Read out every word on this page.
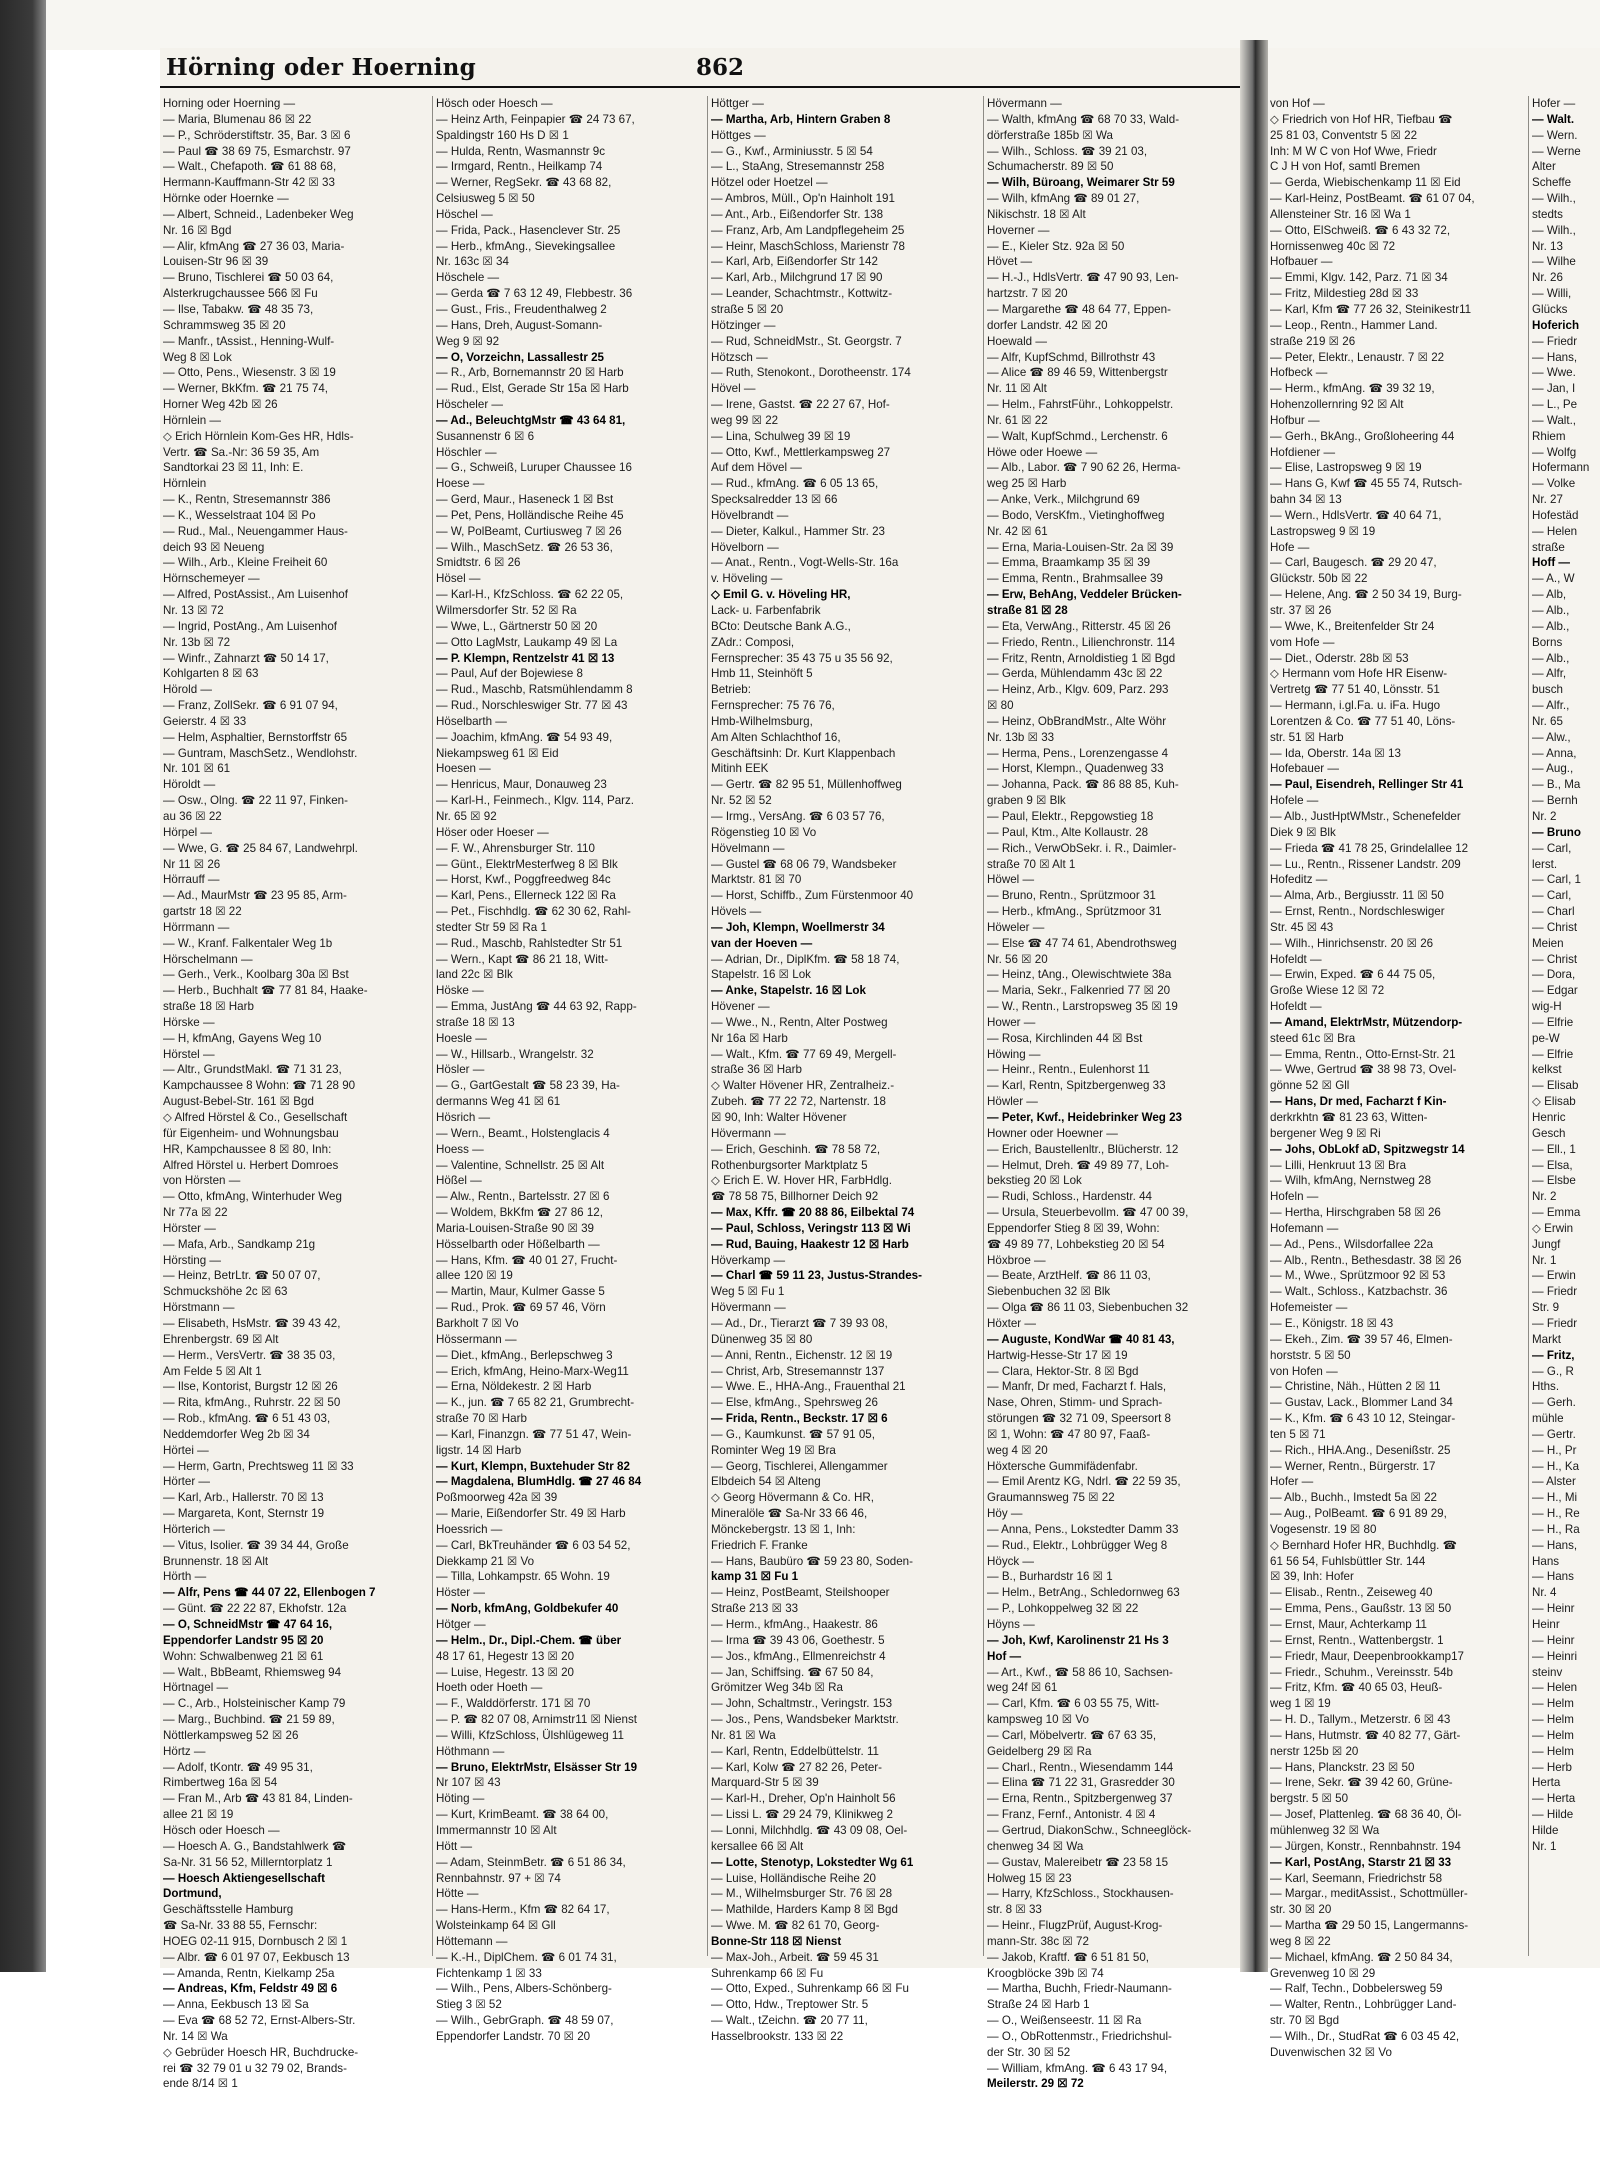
Hörning oder Hoerning	862
Horning oder Hoerning —
— Maria, Blumenau 86 ☒ 22
— P., Schröderstiftstr. 35, Bar. 3 ☒ 6
— Paul ☎ 38 69 75, Esmarchstr. 97
— Walt., Chefapoth. ☎ 61 88 68,
Hermann-Kauffmann-Str 42 ☒ 33
Hörnke oder Hoernke —
— Albert, Schneid., Ladenbeker Weg
Nr. 16 ☒ Bgd
— Alir, kfmAng ☎ 27 36 03, Maria-
Louisen-Str 96 ☒ 39
— Bruno, Tischlerei ☎ 50 03 64,
Alsterkrugchaussee 566 ☒ Fu
— Ilse, Tabakw. ☎ 48 35 73,
Schrammsweg 35 ☒ 20
— Manfr., tAssist., Henning-Wulf-
Weg 8 ☒ Lok
— Otto, Pens., Wiesenstr. 3 ☒ 19
— Werner, BkKfm. ☎ 21 75 74,
Horner Weg 42b ☒ 26
Hörnlein —
◇ Erich Hörnlein Kom-Ges HR, Hdls-
Vertr. ☎ Sa.-Nr: 36 59 35, Am
Sandtorkai 23 ☒ 11, Inh: E.
Hörnlein
— K., Rentn, Stresemannstr 386
— K., Wesselstraat 104 ☒ Po
— Rud., Mal., Neuengammer Haus-
deich 93 ☒ Neueng
— Wilh., Arb., Kleine Freiheit 60
Hörnschemeyer —
— Alfred, PostAssist., Am Luisenhof
Nr. 13 ☒ 72
— Ingrid, PostAng., Am Luisenhof
Nr. 13b ☒ 72
— Winfr., Zahnarzt ☎ 50 14 17,
Kohlgarten 8 ☒ 63
Hörold —
— Franz, ZollSekr. ☎ 6 91 07 94,
Geierstr. 4 ☒ 33
— Helm, Asphaltier, Bernstorffstr 65
— Guntram, MaschSetz., Wendlohstr.
Nr. 101 ☒ 61
Höroldt —
— Osw., Olng. ☎ 22 11 97, Finken-
au 36 ☒ 22
Hörpel —
— Wwe, G. ☎ 25 84 67, Landwehrpl.
Nr 11 ☒ 26
Hörrauff —
— Ad., MaurMstr ☎ 23 95 85, Arm-
gartstr 18 ☒ 22
Hörrmann —
— W., Kranf. Falkentaler Weg 1b
Hörschelmann —
— Gerh., Verk., Koolbarg 30a ☒ Bst
— Herb., Buchhalt ☎ 77 81 84, Haake-
straße 18 ☒ Harb
Hörske —
— H, kfmAng, Gayens Weg 10
Hörstel —
— Altr., GrundstMakl. ☎ 71 31 23,
Kampchaussee 8 Wohn: ☎ 71 28 90
August-Bebel-Str. 161 ☒ Bgd
◇ Alfred Hörstel & Co., Gesellschaft
für Eigenheim- und Wohnungsbau
HR, Kampchaussee 8 ☒ 80, Inh:
Alfred Hörstel u. Herbert Domroes
von Hörsten —
— Otto, kfmAng, Winterhuder Weg
Nr 77a ☒ 22
Hörster —
— Mafa, Arb., Sandkamp 21g
Hörsting —
— Heinz, BetrLtr. ☎ 50 07 07,
Schmuckshöhe 2c ☒ 63
Hörstmann —
— Elisabeth, HsMstr. ☎ 39 43 42,
Ehrenbergstr. 69 ☒ Alt
— Herm., VersVertr. ☎ 38 35 03,
Am Felde 5 ☒ Alt 1
— Ilse, Kontorist, Burgstr 12 ☒ 26
— Rita, kfmAng., Ruhrstr. 22 ☒ 50
— Rob., kfmAng. ☎ 6 51 43 03,
Neddemdorfer Weg 2b ☒ 34
Hörtei —
— Herm, Gartn, Prechtsweg 11 ☒ 33
Hörter —
— Karl, Arb., Hallerstr. 70 ☒ 13
— Margareta, Kont, Sternstr 19
Hörterich —
— Vitus, Isolier. ☎ 39 34 44, Große
Brunnenstr. 18 ☒ Alt
Hörth —
— Alfr, Pens ☎ 44 07 22, Ellenbogen 7
— Günt. ☎ 22 22 87, Ekhofstr. 12a
— O, SchneidMstr ☎ 47 64 16,
Eppendorfer Landstr 95 ☒ 20
Wohn: Schwalbenweg 21 ☒ 61
— Walt., BbBeamt, Rhiemsweg 94
Hörtnagel —
— C., Arb., Holsteinischer Kamp 79
— Marg., Buchbind. ☎ 21 59 89,
Nöttlerkampsweg 52 ☒ 26
Hörtz —
— Adolf, tKontr. ☎ 49 95 31,
Rimbertweg 16a ☒ 54
— Fran M., Arb ☎ 43 81 84, Linden-
allee 21 ☒ 19
Hösch oder Hoesch —
— Hoesch A. G., Bandstahlwerk ☎
Sa-Nr. 31 56 52, Millerntorplatz 1
— Hoesch Aktiengesellschaft
Dortmund,
Geschäftsstelle Hamburg
☎ Sa-Nr. 33 88 55, Fernschr:
HOEG 02-11 915, Dornbusch 2 ☒ 1
— Albr. ☎ 6 01 97 07, Eekbusch 13
— Amanda, Rentn, Kielkamp 25a
— Andreas, Kfm, Feldstr 49 ☒ 6
— Anna, Eekbusch 13 ☒ Sa
— Eva ☎ 68 52 72, Ernst-Albers-Str.
Nr. 14 ☒ Wa
◇ Gebrüder Hoesch HR, Buchdrucke-
rei ☎ 32 79 01 u 32 79 02, Brands-
ende 8/14 ☒ 1
Hösch oder Hoesch —
— Heinz Arth, Feinpapier ☎ 24 73 67,
Spaldingstr 160 Hs D ☒ 1
— Hulda, Rentn, Wasmannstr 9c
— Irmgard, Rentn., Heilkamp 74
— Werner, RegSekr. ☎ 43 68 82,
Celsiusweg 5 ☒ 50
Höschel —
— Frida, Pack., Hasenclever Str. 25
— Herb., kfmAng., Sievekingsallee
Nr. 163c ☒ 34
Höschele —
— Gerda ☎ 7 63 12 49, Flebbestr. 36
— Gust., Fris., Freudenthalweg 2
— Hans, Dreh, August-Somann-
Weg 9 ☒ 92
— O, Vorzeichn, Lassallestr 25
— R., Arb, Bornemannstr 20 ☒ Harb
— Rud., Elst, Gerade Str 15a ☒ Harb
Höscheler —
— Ad., BeleuchtgMstr ☎ 43 64 81,
Susannenstr 6 ☒ 6
Höschler —
— G., Schweiß, Luruper Chaussee 16
Hoese —
— Gerd, Maur., Haseneck 1 ☒ Bst
— Pet, Pens, Holländische Reihe 45
— W, PolBeamt, Curtiusweg 7 ☒ 26
— Wilh., MaschSetz. ☎ 26 53 36,
Smidtstr. 6 ☒ 26
Hösel —
— Karl-H., KfzSchloss. ☎ 62 22 05,
Wilmersdorfer Str. 52 ☒ Ra
— Wwe, L., Gärtnerstr 50 ☒ 20
— Otto LagMstr, Laukamp 49 ☒ La
— P. Klempn, Rentzelstr 41 ☒ 13
— Paul, Auf der Bojewiese 8
— Rud., Maschb, Ratsmühlendamm 8
— Rud., Norschleswiger Str. 77 ☒ 43
Höselbarth —
— Joachim, kfmAng. ☎ 54 93 49,
Niekampsweg 61 ☒ Eid
Hoesen —
— Henricus, Maur, Donauweg 23
— Karl-H., Feinmech., Klgv. 114, Parz.
Nr. 65 ☒ 92
Höser oder Hoeser —
— F. W., Ahrensburger Str. 110
— Günt., ElektrMesterfweg 8 ☒ Blk
— Horst, Kwf., Poggfreedweg 84c
— Karl, Pens., Ellerneck 122 ☒ Ra
— Pet., Fischhdlg. ☎ 62 30 62, Rahl-
stedter Str 59 ☒ Ra 1
— Rud., Maschb, Rahlstedter Str 51
— Wern., Kapt ☎ 86 21 18, Witt-
land 22c ☒ Blk
Höske —
— Emma, JustAng ☎ 44 63 92, Rapp-
straße 18 ☒ 13
Hoesle —
— W., Hillsarb., Wrangelstr. 32
Hösler —
— G., GartGestalt ☎ 58 23 39, Ha-
dermanns Weg 41 ☒ 61
Hösrich —
— Wern., Beamt., Holstenglacis 4
Hoess —
— Valentine, Schnellstr. 25 ☒ Alt
Hößel —
— Alw., Rentn., Bartelsstr. 27 ☒ 6
— Woldem, BkKfm ☎ 27 86 12,
Maria-Louisen-Straße 90 ☒ 39
Hösselbarth oder Hößelbarth —
— Hans, Kfm. ☎ 40 01 27, Frucht-
allee 120 ☒ 19
— Martin, Maur, Kulmer Gasse 5
— Rud., Prok. ☎ 69 57 46, Vörn
Barkholt 7 ☒ Vo
Hössermann —
— Diet., kfmAng., Berlepschweg 3
— Erich, kfmAng, Heino-Marx-Weg11
— Erna, Nöldekestr. 2 ☒ Harb
— K., jun. ☎ 7 65 82 21, Grumbrecht-
straße 70 ☒ Harb
— Karl, Finanzgn. ☎ 77 51 47, Wein-
ligstr. 14 ☒ Harb
— Kurt, Klempn, Buxtehuder Str 82
— Magdalena, BlumHdlg. ☎ 27 46 84
Poßmoorweg 42a ☒ 39
— Marie, Eißendorfer Str. 49 ☒ Harb
Hoessrich —
— Carl, BkTreuhänder ☎ 6 03 54 52,
Diekkamp 21 ☒ Vo
— Tilla, Lohkampstr. 65 Wohn. 19
Höster —
— Norb, kfmAng, Goldbekufer 40
Hötger —
— Helm., Dr., Dipl.-Chem. ☎ über
48 17 61, Hegestr 13 ☒ 20
— Luise, Hegestr. 13 ☒ 20
Hoeth oder Hoeth —
— F., Walddörferstr. 171 ☒ 70
— P. ☎ 82 07 08, Arnimstr11 ☒ Nienst
— Willi, KfzSchloss, Ülshlügeweg 11
Höthmann —
— Bruno, ElektrMstr, Elsässer Str 19
Nr 107 ☒ 43
Höting —
— Kurt, KrimBeamt. ☎ 38 64 00,
Immermannstr 10 ☒ Alt
Hött —
— Adam, SteinmBetr. ☎ 6 51 86 34,
Rennbahnstr. 97 + ☒ 74
Hötte —
— Hans-Herm., Kfm ☎ 82 64 17,
Wolsteinkamp 64 ☒ Gll
Höttemann —
— K.-H., DiplChem. ☎ 6 01 74 31,
Fichtenkamp 1 ☒ 33
— Wilh., Pens, Albers-Schönberg-
Stieg 3 ☒ 52
— Wilh., GebrGraph. ☎ 48 59 07,
Eppendorfer Landstr. 70 ☒ 20
Höttger —
— Martha, Arb, Hintern Graben 8
Höttges —
— G., Kwf., Arminiusstr. 5 ☒ 54
— L., StaAng, Stresemannstr 258
Hötzel oder Hoetzel —
— Ambros, Müll., Op'n Hainholt 191
— Ant., Arb., Eißendorfer Str. 138
— Franz, Arb, Am Landpflegeheim 25
— Heinr, MaschSchloss, Marienstr 78
— Karl, Arb, Eißendorfer Str 142
— Karl, Arb., Milchgrund 17 ☒ 90
— Leander, Schachtmstr., Kottwitz-
straße 5 ☒ 20
Hötzinger —
— Rud, SchneidMstr., St. Georgstr. 7
Hötzsch —
— Ruth, Stenokont., Dorotheenstr. 174
Hövel —
— Irene, Gastst. ☎ 22 27 67, Hof-
weg 99 ☒ 22
— Lina, Schulweg 39 ☒ 19
— Otto, Kwf., Mettlerkampsweg 27
Auf dem Hövel —
— Rud., kfmAng. ☎ 6 05 13 65,
Specksalredder 13 ☒ 66
Hövelbrandt —
— Dieter, Kalkul., Hammer Str. 23
Hövelborn —
— Anat., Rentn., Vogt-Wells-Str. 16a
v. Höveling —
◇ Emil G. v. Höveling HR,
Lack- u. Farbenfabrik
BCto: Deutsche Bank A.G.,
ZAdr.: Composi,
Fernsprecher: 35 43 75 u 35 56 92,
Hmb 11, Steinhöft 5
Betrieb:
Fernsprecher: 75 76 76,
Hmb-Wilhelmsburg,
Am Alten Schlachthof 16,
Geschäftsinh: Dr. Kurt Klappenbach
Mitinh EEK
— Gertr. ☎ 82 95 51, Müllenhoffweg
Nr. 52 ☒ 52
— Irmg., VersAng. ☎ 6 03 57 76,
Rögenstieg 10 ☒ Vo
Hövelmann —
— Gustel ☎ 68 06 79, Wandsbeker
Marktstr. 81 ☒ 70
— Horst, Schiffb., Zum Fürstenmoor 40
Hövels —
— Joh, Klempn, Woellmerstr 34
van der Hoeven —
— Adrian, Dr., DiplKfm. ☎ 58 18 74,
Stapelstr. 16 ☒ Lok
— Anke, Stapelstr. 16 ☒ Lok
Hövener —
— Wwe., N., Rentn, Alter Postweg
Nr 16a ☒ Harb
— Walt., Kfm. ☎ 77 69 49, Mergell-
straße 36 ☒ Harb
◇ Walter Hövener HR, Zentralheiz.-
Zubeh. ☎ 77 22 72, Nartenstr. 18
☒ 90, Inh: Walter Hövener
Hövermann —
— Erich, Geschinh. ☎ 78 58 72,
Rothenburgsorter Marktplatz 5
◇ Erich E. W. Hover HR, FarbHdlg.
☎ 78 58 75, Billhorner Deich 92
— Max, Kffr. ☎ 20 88 86, Eilbektal 74
— Paul, Schloss, Veringstr 113 ☒ Wi
— Rud, Bauing, Haakestr 12 ☒ Harb
Höverkamp —
— Charl ☎ 59 11 23, Justus-Strandes-
Weg 5 ☒ Fu 1
Hövermann —
— Ad., Dr., Tierarzt ☎ 7 39 93 08,
Dünenweg 35 ☒ 80
— Anni, Rentn., Eichenstr. 12 ☒ 19
— Christ, Arb, Stresemannstr 137
— Wwe. E., HHA-Ang., Frauenthal 21
— Else, kfmAng., Spehrsweg 26
— Frida, Rentn., Beckstr. 17 ☒ 6
— G., Kaumkunst. ☎ 57 91 05,
Rominter Weg 19 ☒ Bra
— Georg, Tischlerei, Allengammer
Elbdeich 54 ☒ Alteng
◇ Georg Hövermann & Co. HR,
Mineralöle ☎ Sa-Nr 33 66 46,
Mönckebergstr. 13 ☒ 1, Inh:
Friedrich F. Franke
— Hans, Baubüro ☎ 59 23 80, Soden-
kamp 31 ☒ Fu 1
— Heinz, PostBeamt, Steilshooper
Straße 213 ☒ 33
— Herm., kfmAng., Haakestr. 86
— Irma ☎ 39 43 06, Goethestr. 5
— Jos., kfmAng., Ellmenreichstr 4
— Jan, Schiffsing. ☎ 67 50 84,
Grömitzer Weg 34b ☒ Ra
— John, Schaltmstr., Veringstr. 153
— Jos., Pens, Wandsbeker Marktstr.
Nr. 81 ☒ Wa
— Karl, Rentn, Eddelbüttelstr. 11
— Karl, Kolw ☎ 27 82 26, Peter-
Marquard-Str 5 ☒ 39
— Karl-H., Dreher, Op'n Hainholt 56
— Lissi L. ☎ 29 24 79, Klinikweg 2
— Lonni, Milchhdlg. ☎ 43 09 08, Oel-
kersallee 66 ☒ Alt
— Lotte, Stenotyp, Lokstedter Wg 61
— Luise, Holländische Reihe 20
— M., Wilhelmsburger Str. 76 ☒ 28
— Mathilde, Harders Kamp 8 ☒ Bgd
— Wwe. M. ☎ 82 61 70, Georg-
Bonne-Str 118 ☒ Nienst
— Max-Joh., Arbeit. ☎ 59 45 31
Suhrenkamp 66 ☒ Fu
— Otto, Exped., Suhrenkamp 66 ☒ Fu
— Otto, Hdw., Treptower Str. 5
— Walt., tZeichn. ☎ 20 77 11,
Hasselbrookstr. 133 ☒ 22
Hövermann —
— Walth, kfmAng ☎ 68 70 33, Wald-
dörferstraße 185b ☒ Wa
— Wilh., Schloss. ☎ 39 21 03,
Schumacherstr. 89 ☒ 50
— Wilh, Büroang, Weimarer Str 59
— Wilh, kfmAng ☎ 89 01 27,
Nikischstr. 18 ☒ Alt
Hoverner —
— E., Kieler Stz. 92a ☒ 50
Hövet —
— H.-J., HdlsVertr. ☎ 47 90 93, Len-
hartzstr. 7 ☒ 20
— Margarethe ☎ 48 64 77, Eppen-
dorfer Landstr. 42 ☒ 20
Hoewald —
— Alfr, KupfSchmd, Billrothstr 43
— Alice ☎ 89 46 59, Wittenbergstr
Nr. 11 ☒ Alt
— Helm., FahrstFühr., Lohkoppelstr.
Nr. 61 ☒ 22
— Walt, KupfSchmd., Lerchenstr. 6
Höwe oder Hoewe —
— Alb., Labor. ☎ 7 90 62 26, Herma-
weg 25 ☒ Harb
— Anke, Verk., Milchgrund 69
— Bodo, VersKfm., Vietinghoffweg
Nr. 42 ☒ 61
— Erna, Maria-Louisen-Str. 2a ☒ 39
— Emma, Braamkamp 35 ☒ 39
— Emma, Rentn., Brahmsallee 39
— Erw, BehAng, Veddeler Brücken-
straße 81 ☒ 28
— Eta, VerwAng., Ritterstr. 45 ☒ 26
— Friedo, Rentn., Lilienchronstr. 114
— Fritz, Rentn, Arnoldistieg 1 ☒ Bgd
— Gerda, Mühlendamm 43c ☒ 22
— Heinz, Arb., Klgv. 609, Parz. 293
☒ 80
— Heinz, ObBrandMstr., Alte Wöhr
Nr. 13b ☒ 33
— Herma, Pens., Lorenzengasse 4
— Horst, Klempn., Quadenweg 33
— Johanna, Pack. ☎ 86 88 85, Kuh-
graben 9 ☒ Blk
— Paul, Elektr., Repgowstieg 18
— Paul, Ktm., Alte Kollaustr. 28
— Rich., VerwObSekr. i. R., Daimler-
straße 70 ☒ Alt 1
Höwel —
— Bruno, Rentn., Sprützmoor 31
— Herb., kfmAng., Sprützmoor 31
Höweler —
— Else ☎ 47 74 61, Abendrothsweg
Nr. 56 ☒ 20
— Heinz, tAng., Olewischtwiete 38a
— Maria, Sekr., Falkenried 77 ☒ 20
— W., Rentn., Larstropsweg 35 ☒ 19
Hower —
— Rosa, Kirchlinden 44 ☒ Bst
Höwing —
— Heinr., Rentn., Eulenhorst 11
— Karl, Rentn, Spitzbergenweg 33
Höwler —
— Peter, Kwf., Heidebrinker Weg 23
Howner oder Hoewner —
— Erich, Baustellenltr., Blücherstr. 12
— Helmut, Dreh. ☎ 49 89 77, Loh-
bekstieg 20 ☒ Lok
— Rudi, Schloss., Hardenstr. 44
— Ursula, Steuerbevollm. ☎ 47 00 39,
Eppendorfer Stieg 8 ☒ 39, Wohn:
☎ 49 89 77, Lohbekstieg 20 ☒ 54
Höxbroe —
— Beate, ArztHelf. ☎ 86 11 03,
Siebenbuchen 32 ☒ Blk
— Olga ☎ 86 11 03, Siebenbuchen 32
Höxter —
— Auguste, KondWar ☎ 40 81 43,
Hartwig-Hesse-Str 17 ☒ 19
— Clara, Hektor-Str. 8 ☒ Bgd
— Manfr, Dr med, Facharzt f. Hals,
Nase, Ohren, Stimm- und Sprach-
störungen ☎ 32 71 09, Speersort 8
☒ 1, Wohn: ☎ 47 80 97, Faaß-
weg 4 ☒ 20
Höxtersche Gummifädenfabr.
— Emil Arentz KG, Ndrl. ☎ 22 59 35,
Graumannsweg 75 ☒ 22
Höy —
— Anna, Pens., Lokstedter Damm 33
— Rud., Elektr., Lohbrügger Weg 8
Höyck —
— B., Burhardstr 16 ☒ 1
— Helm., BetrAng., Schledornweg 63
— P., Lohkoppelweg 32 ☒ 22
Höyns —
— Joh, Kwf, Karolinenstr 21 Hs 3
Hof —
— Art., Kwf., ☎ 58 86 10, Sachsen-
weg 24f ☒ 61
— Carl, Kfm. ☎ 6 03 55 75, Witt-
kampsweg 10 ☒ Vo
— Carl, Möbelvertr. ☎ 67 63 35,
Geidelberg 29 ☒ Ra
— Charl., Rentn., Wiesendamm 144
— Elina ☎ 71 22 31, Grasredder 30
— Erna, Rentn., Spitzbergenweg 37
— Franz, Fernf., Antonistr. 4 ☒ 4
— Gertrud, DiakonSchw., Schneeglöck-
chenweg 34 ☒ Wa
— Gustav, Malereibetr ☎ 23 58 15
Holweg 15 ☒ 23
— Harry, KfzSchloss., Stockhausen-
str. 8 ☒ 33
— Heinr., FlugzPrüf, August-Krog-
mann-Str. 38c ☒ 72
— Jakob, Kraftf. ☎ 6 51 81 50,
Kroogblöcke 39b ☒ 74
— Martha, Buchh, Friedr-Naumann-
Straße 24 ☒ Harb 1
— O., Weißenseestr. 11 ☒ Ra
— O., ObRottenmstr., Friedrichshul-
der Str. 30 ☒ 52
— William, kfmAng. ☎ 6 43 17 94,
Meilerstr. 29 ☒ 72
von Hof —
◇ Friedrich von Hof HR, Tiefbau ☎
25 81 03, Conventstr 5 ☒ 22
Inh: M W C von Hof Wwe, Friedr
C J H von Hof, samtl Bremen
— Gerda, Wiebischenkamp 11 ☒ Eid
— Karl-Heinz, PostBeamt. ☎ 61 07 04,
Allensteiner Str. 16 ☒ Wa 1
— Otto, ElSchweiß. ☎ 6 43 32 72,
Hornissenweg 40c ☒ 72
Hofbauer —
— Emmi, Klgv. 142, Parz. 71 ☒ 34
— Fritz, Mildestieg 28d ☒ 33
— Karl, Kfm ☎ 77 26 32, Steinikestr11
— Leop., Rentn., Hammer Land.
straße 219 ☒ 26
— Peter, Elektr., Lenaustr. 7 ☒ 22
Hofbeck —
— Herm., kfmAng. ☎ 39 32 19,
Hohenzollernring 92 ☒ Alt
Hofbur —
— Gerh., BkAng., Großloheering 44
Hofdiener —
— Elise, Lastropsweg 9 ☒ 19
— Hans G, Kwf ☎ 45 55 74, Rutsch-
bahn 34 ☒ 13
— Wern., HdlsVertr. ☎ 40 64 71,
Lastropsweg 9 ☒ 19
Hofe —
— Carl, Baugesch. ☎ 29 20 47,
Glückstr. 50b ☒ 22
— Helene, Ang. ☎ 2 50 34 19, Burg-
str. 37 ☒ 26
— Wwe, K., Breitenfelder Str 24
vom Hofe —
— Diet., Oderstr. 28b ☒ 53
◇ Hermann vom Hofe HR Eisenw-
Vertretg ☎ 77 51 40, Lönsstr. 51
— Hermann, i.gl.Fa. u. iFa. Hugo
Lorentzen & Co. ☎ 77 51 40, Löns-
str. 51 ☒ Harb
— Ida, Oberstr. 14a ☒ 13
Hofebauer —
— Paul, Eisendreh, Rellinger Str 41
Hofele —
— Alb., JustHptWMstr., Schenefelder
Diek 9 ☒ Blk
— Frieda ☎ 41 78 25, Grindelallee 12
— Lu., Rentn., Rissener Landstr. 209
Hofeditz —
— Alma, Arb., Bergiusstr. 11 ☒ 50
— Ernst, Rentn., Nordschleswiger
Str. 45 ☒ 43
— Wilh., Hinrichsenstr. 20 ☒ 26
Hofeldt —
— Erwin, Exped. ☎ 6 44 75 05,
Große Wiese 12 ☒ 72
Hofeldt —
— Amand, ElektrMstr, Mützendorp-
steed 61c ☒ Bra
— Emma, Rentn., Otto-Ernst-Str. 21
— Wwe, Gertrud ☎ 38 98 73, Ovel-
gönne 52 ☒ Gll
— Hans, Dr med, Facharzt f Kin-
derkrkhtn ☎ 81 23 63, Witten-
bergener Weg 9 ☒ Ri
— Johs, ObLokf aD, Spitzwegstr 14
— Lilli, Henkruut 13 ☒ Bra
— Wilh, kfmAng, Nernstweg 28
Hofeln —
— Hertha, Hirschgraben 58 ☒ 26
Hofemann —
— Ad., Pens., Wilsdorfallee 22a
— Alb., Rentn., Bethesdastr. 38 ☒ 26
— M., Wwe., Sprützmoor 92 ☒ 53
— Walt., Schloss., Katzbachstr. 36
Hofemeister —
— E., Königstr. 18 ☒ 43
— Ekeh., Zim. ☎ 39 57 46, Elmen-
horststr. 5 ☒ 50
von Hofen —
— Christine, Näh., Hütten 2 ☒ 11
— Gustav, Lack., Blommer Land 34
— K., Kfm. ☎ 6 43 10 12, Steingar-
ten 5 ☒ 71
— Rich., HHA.Ang., Desenißstr. 25
— Werner, Rentn., Bürgerstr. 17
Hofer —
— Alb., Buchh., Imstedt 5a ☒ 22
— Aug., PolBeamt. ☎ 6 91 89 29,
Vogesenstr. 19 ☒ 80
◇ Bernhard Hofer HR, Buchhdlg. ☎
61 56 54, Fuhlsbüttler Str. 144
☒ 39, Inh: Hofer
— Elisab., Rentn., Zeiseweg 40
— Emma, Pens., Gaußstr. 13 ☒ 50
— Ernst, Maur, Achterkamp 11
— Ernst, Rentn., Wattenbergstr. 1
— Friedr, Maur, Deepenbrookkamp17
— Friedr., Schuhm., Vereinsstr. 54b
— Fritz, Kfm. ☎ 40 65 03, Heuß-
weg 1 ☒ 19
— H. D., Tallym., Metzerstr. 6 ☒ 43
— Hans, Hutmstr. ☎ 40 82 77, Gärt-
nerstr 125b ☒ 20
— Hans, Planckstr. 23 ☒ 50
— Irene, Sekr. ☎ 39 42 60, Grüne-
bergstr. 5 ☒ 50
— Josef, Plattenleg. ☎ 68 36 40, Öl-
mühlenweg 32 ☒ Wa
— Jürgen, Konstr., Rennbahnstr. 194
— Karl, PostAng, Starstr 21 ☒ 33
— Karl, Seemann, Friedrichstr 58
— Margar., meditAssist., Schottmüller-
str. 30 ☒ 20
— Martha ☎ 29 50 15, Langermanns-
weg 8 ☒ 22
— Michael, kfmAng. ☎ 2 50 84 34,
Grevenweg 10 ☒ 29
— Ralf, Techn., Dobbelersweg 59
— Walter, Rentn., Lohbrügger Land-
str. 70 ☒ Bgd
— Wilh., Dr., StudRat ☎ 6 03 45 42,
Duvenwischen 32 ☒ Vo
Hofer —
— Walt.
— Wern.
— Werne
Alter
Scheffe
— Wilh.,
stedts
— Wilh.,
Nr. 13
— Wilhe
Nr. 26
— Willi,
Glücks
Hoferich
— Friedr
— Hans,
— Wwe.
— Jan, I
— L., Pe
— Walt.,
Rhiem
— Wolfg
Hofermann
— Volke
Nr. 27
Hofestäd
— Helen
straße
Hoff —
— A., W
— Alb,
— Alb.,
— Alb.,
Borns
— Alb.,
— Alfr,
busch
— Alfr.,
Nr. 65
— Alw.,
— Anna,
— Aug.,
— B., Ma
— Bernh
Nr. 2
— Bruno
— Carl,
lerst.
— Carl, 1
— Carl,
— Charl
— Christ
Meien
— Christ
— Dora,
— Edgar
wig-H
— Elfrie
pe-W
— Elfrie
kelkst
— Elisab
◇ Elisab
Henric
Gesch
— Ell., 1
— Elsa,
— Elsbe
Nr. 2
— Emma
◇ Erwin
Jungf
Nr. 1
— Erwin
— Friedr
Str. 9
— Friedr
Markt
— Fritz,
— G., R
Hths.
— Gerh.
mühle
— Gertr.
— H., Pr
— H., Ka
— Alster
— H., Mi
— H., Re
— H., Ra
— Hans,
Hans
— Hans
Nr. 4
— Heinr
Heinr
— Heinr
— Heinri
steinv
— Helen
— Helm
— Helm
— Helm
— Helm
— Herb
Herta
— Herta
— Hilde
Hilde
Nr. 1
